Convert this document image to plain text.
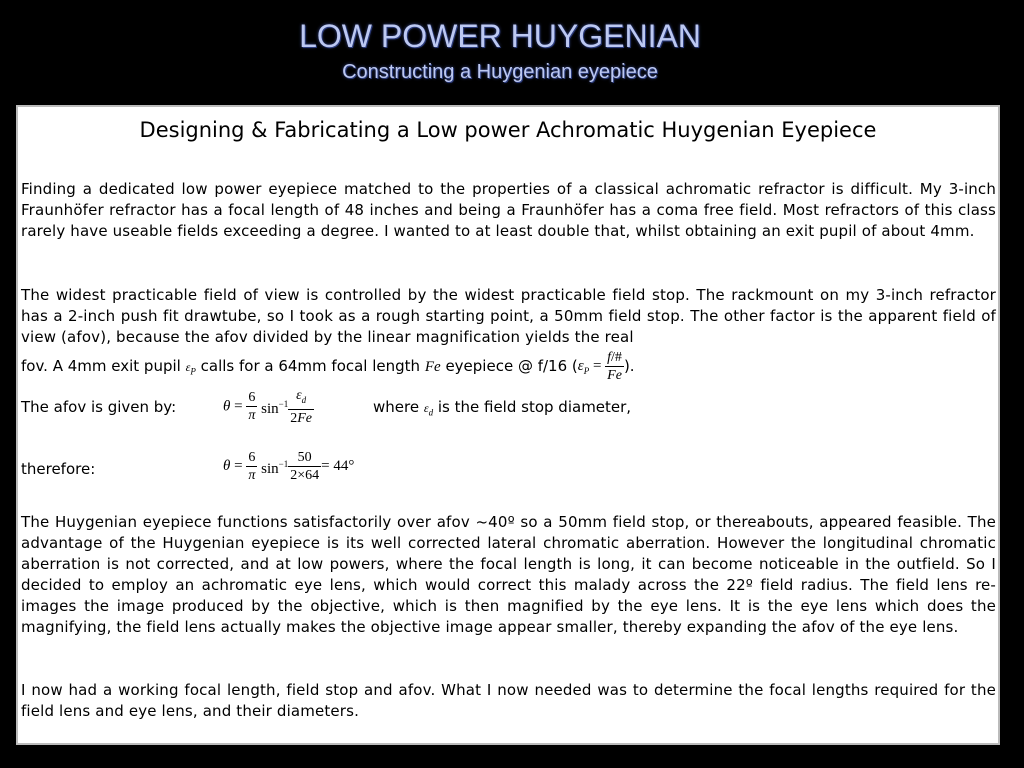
LOW POWER HUYGENIAN
Constructing a Huygenian eyepiece
Designing & Fabricating a Low power Achromatic Huygenian Eyepiece
Finding a dedicated low power eyepiece matched to the properties of a classical achromatic refractor is difficult. My 3-inch Fraunhöfer refractor has a focal length of 48 inches and being a Fraunhöfer has a coma free field. Most refractors of this class rarely have useable fields exceeding a degree. I wanted to at least double that, whilst obtaining an exit pupil of about 4mm.
The widest practicable field of view is controlled by the widest practicable field stop. The rackmount on my 3-inch refractor has a 2-inch push fit drawtube, so I took as a rough starting point, a 50mm field stop. The other factor is the apparent field of view (afov), because the afov divided by the linear magnification yields the real
fov. A 4mm exit pupil $\varepsilon_P$ calls for a 64mm focal length Fe eyepiece @ f/16 ($\varepsilon_P = \frac{f/\#}{Fe}$ ).
The afov is given by:	$\theta = \frac{6}{\pi} \sin^{-1} \frac{\varepsilon_d}{2Fe}$	where $\varepsilon_d$ is the field stop diameter,
therefore:	$\theta = \frac{6}{\pi} \sin^{-1} \frac{50}{2\times 64} = 44^\circ$
The Huygenian eyepiece functions satisfactorily over afov ~40º so a 50mm field stop, or thereabouts, appeared feasible. The advantage of the Huygenian eyepiece is its well corrected lateral chromatic aberration. However the longitudinal chromatic aberration is not corrected, and at low powers, where the focal length is long, it can become noticeable in the outfield. So I decided to employ an achromatic eye lens, which would correct this malady across the 22º field radius. The field lens re-images the image produced by the objective, which is then magnified by the eye lens. It is the eye lens which does the magnifying, the field lens actually makes the objective image appear smaller, thereby expanding the afov of the eye lens.
I now had a working focal length, field stop and afov. What I now needed was to determine the focal lengths required for the field lens and eye lens, and their diameters.
